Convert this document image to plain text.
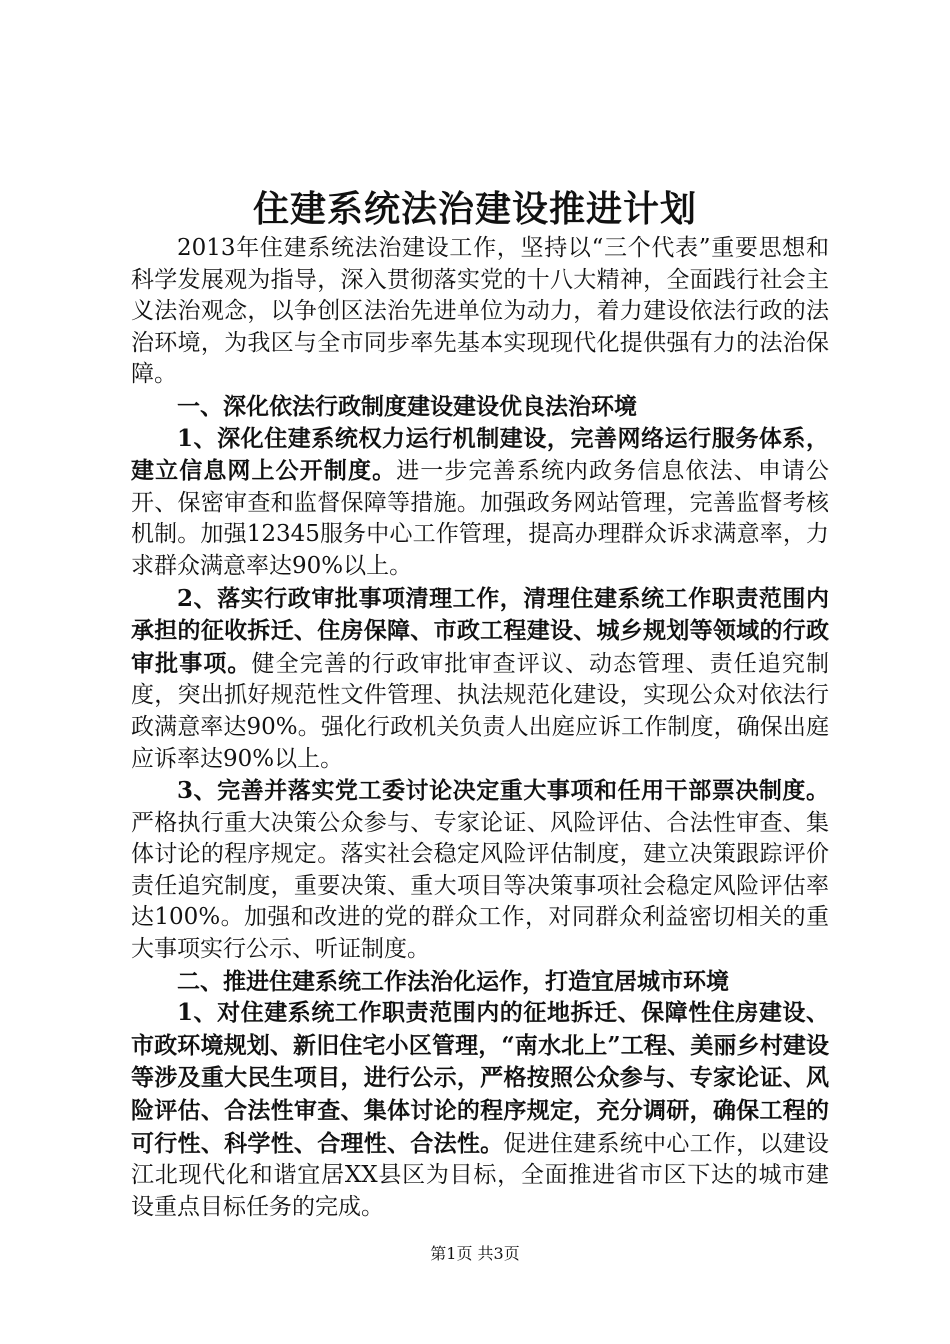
住建系统法治建设推进计划

2013年住建系统法治建设工作，坚持以“三个代表”重要思想和科学发展观为指导，深入贯彻落实党的十八大精神，全面践行社会主义法治观念，以争创区法治先进单位为动力，着力建设依法行政的法治环境，为我区与全市同步率先基本实现现代化提供强有力的法治保障。

一、深化依法行政制度建设建设优良法治环境

1、深化住建系统权力运行机制建设，完善网络运行服务体系，建立信息网上公开制度。进一步完善系统内政务信息依法、申请公开、保密审查和监督保障等措施。加强政务网站管理，完善监督考核机制。加强12345服务中心工作管理，提高办理群众诉求满意率，力求群众满意率达90%以上。

2、落实行政审批事项清理工作，清理住建系统工作职责范围内承担的征收拆迁、住房保障、市政工程建设、城乡规划等领域的行政审批事项。健全完善的行政审批审查评议、动态管理、责任追究制度，突出抓好规范性文件管理、执法规范化建设，实现公众对依法行政满意率达90%。强化行政机关负责人出庭应诉工作制度，确保出庭应诉率达90%以上。

3、完善并落实党工委讨论决定重大事项和任用干部票决制度。严格执行重大决策公众参与、专家论证、风险评估、合法性审查、集体讨论的程序规定。落实社会稳定风险评估制度，建立决策跟踪评价责任追究制度，重要决策、重大项目等决策事项社会稳定风险评估率达100%。加强和改进的党的群众工作，对同群众利益密切相关的重大事项实行公示、听证制度。

二、推进住建系统工作法治化运作，打造宜居城市环境

1、对住建系统工作职责范围内的征地拆迁、保障性住房建设、市政环境规划、新旧住宅小区管理，“南水北上”工程、美丽乡村建设等涉及重大民生项目，进行公示，严格按照公众参与、专家论证、风险评估、合法性审查、集体讨论的程序规定，充分调研，确保工程的可行性、科学性、合理性、合法性。促进住建系统中心工作，以建设江北现代化和谐宜居XX县区为目标，全面推进省市区下达的城市建设重点目标任务的完成。

第1页 共3页
